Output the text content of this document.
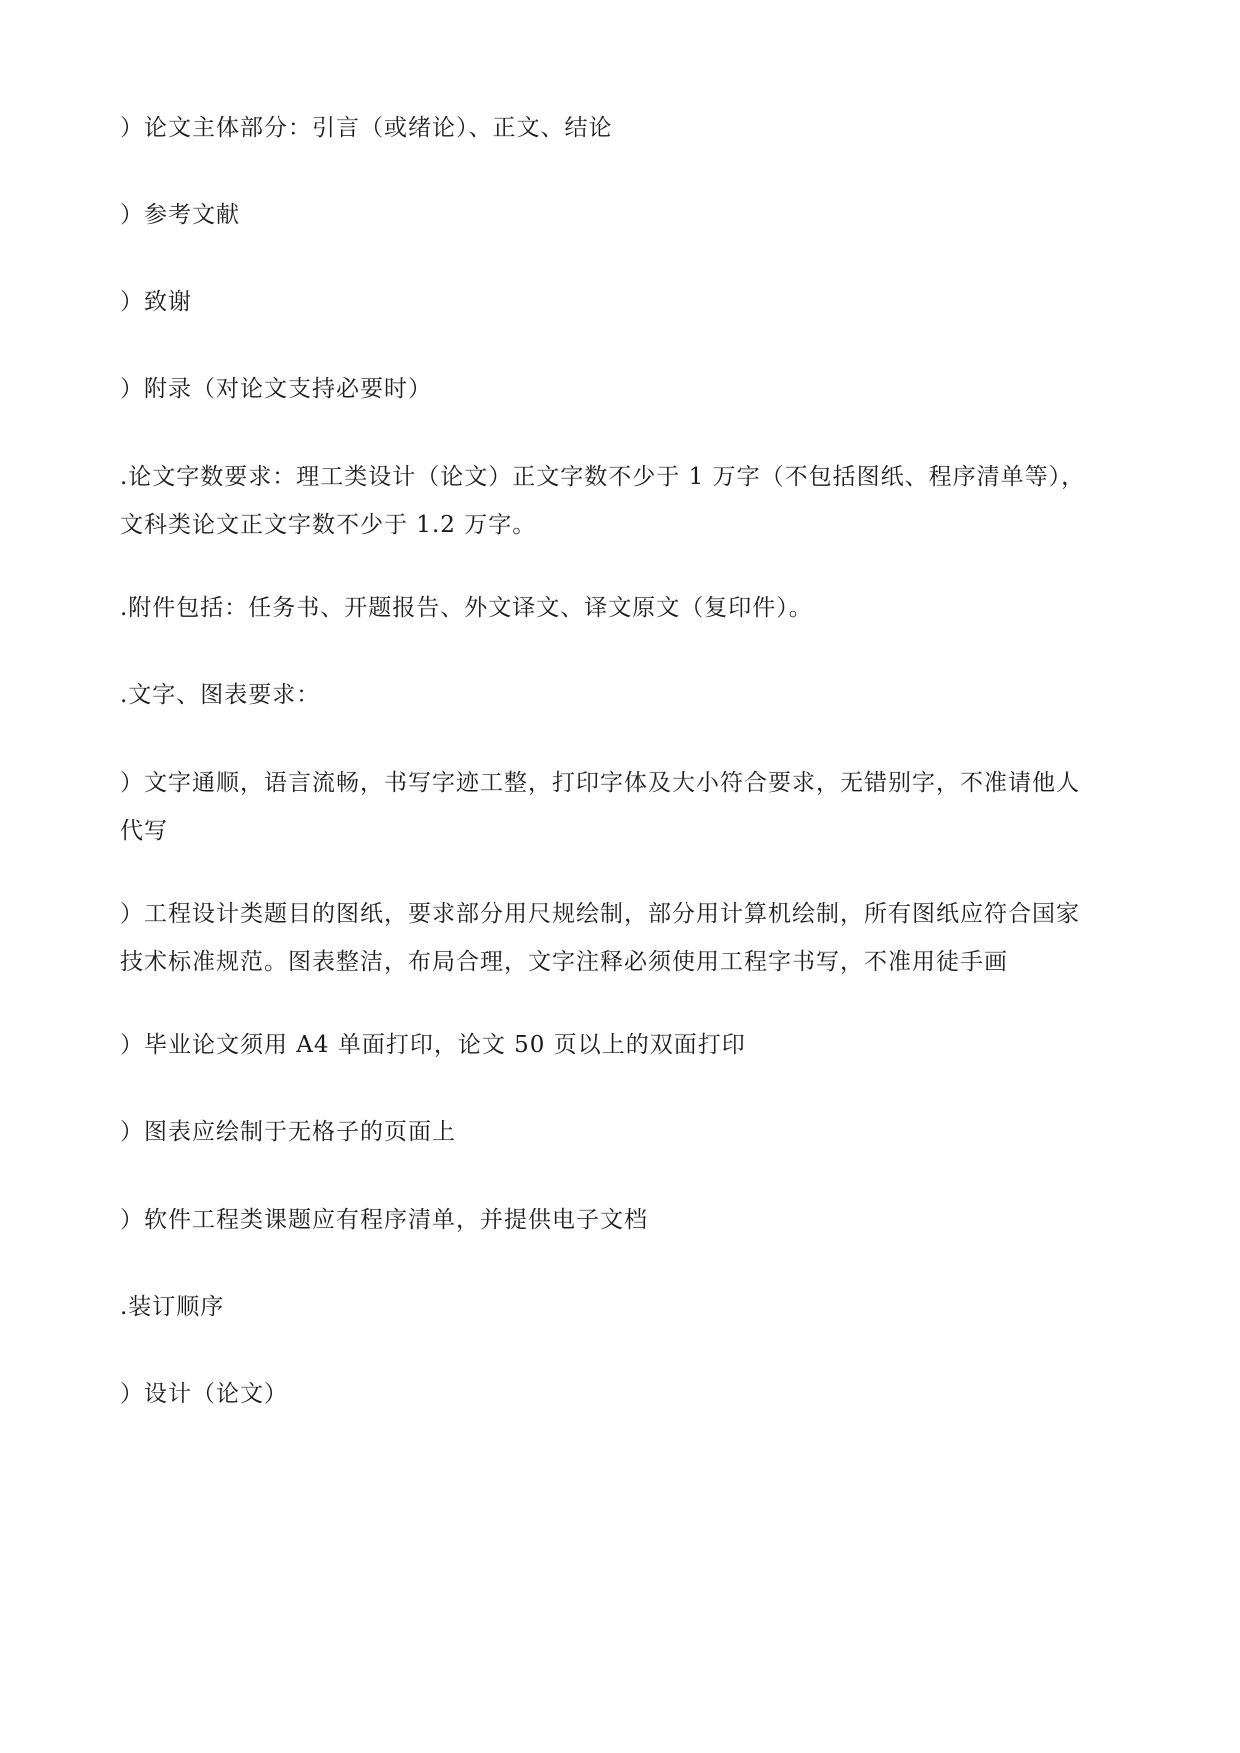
）论文主体部分：引言（或绪论）、正文、结论

）参考文献

）致谢

）附录（对论文支持必要时）

.论文字数要求：理工类设计（论文）正文字数不少于 1 万字（不包括图纸、程序清单等），
文科类论文正文字数不少于 1.2 万字。

.附件包括：任务书、开题报告、外文译文、译文原文（复印件）。

.文字、图表要求：

）文字通顺，语言流畅，书写字迹工整，打印字体及大小符合要求，无错别字，不准请他人
代写

）工程设计类题目的图纸，要求部分用尺规绘制，部分用计算机绘制，所有图纸应符合国家
技术标准规范。图表整洁，布局合理，文字注释必须使用工程字书写，不准用徒手画

）毕业论文须用 A4 单面打印，论文 50 页以上的双面打印

）图表应绘制于无格子的页面上

）软件工程类课题应有程序清单，并提供电子文档

.装订顺序

）设计（论文）
